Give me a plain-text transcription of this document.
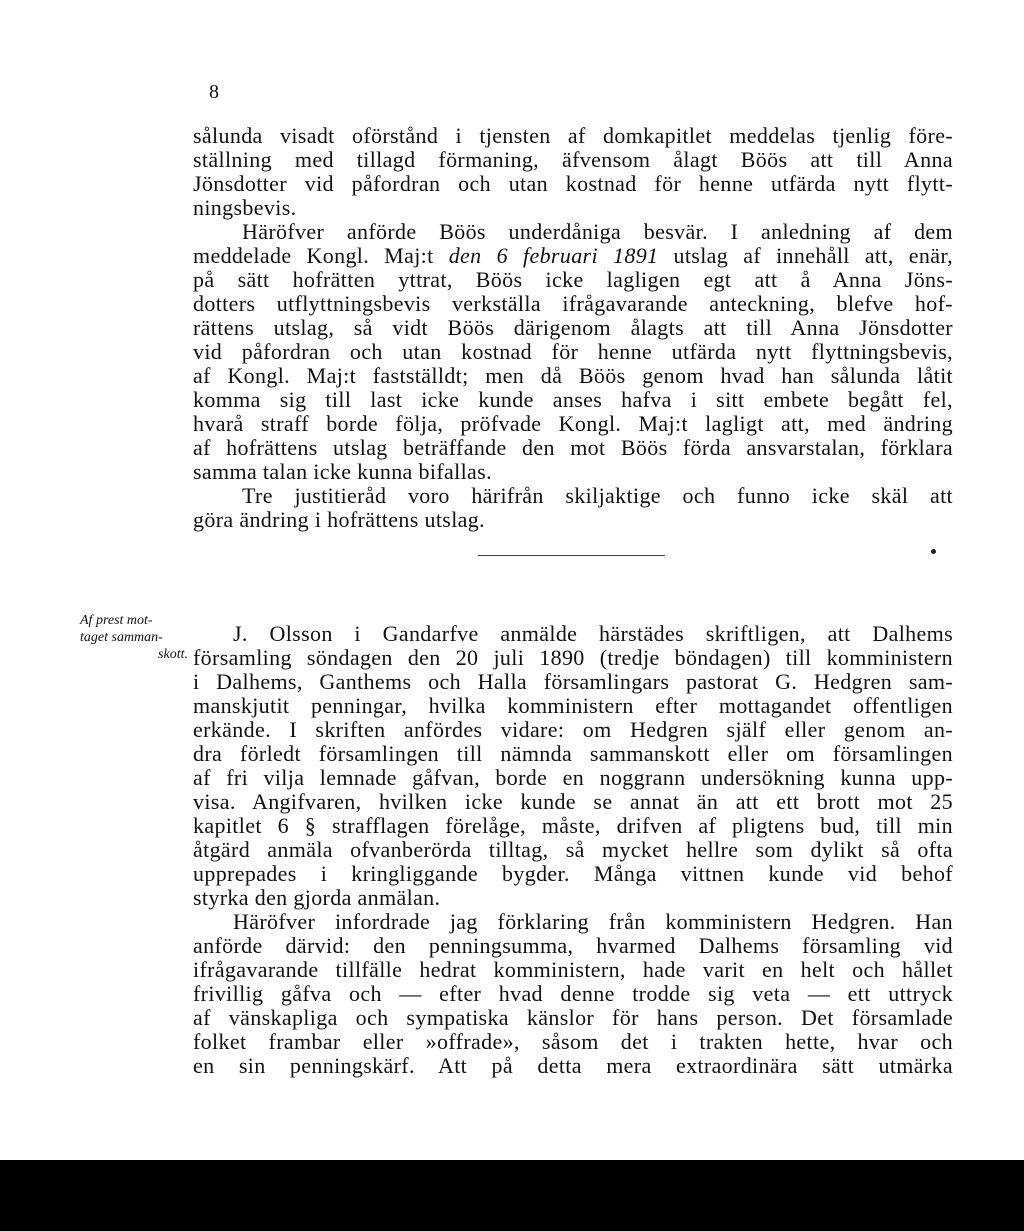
8

sålunda visadt oförstånd i tjensten af domkapitlet meddelas tjenlig före-

ställning med tillagd förmaning, äfvensom ålagt Böös att till Anna

Jönsdotter vid påfordran och utan kostnad för henne utfärda nytt flytt-

ningsbevis.

Häröfver anförde Böös underdåniga besvär. I anledning af dem

meddelade Kongl. Maj:t den 6 februari 1891 utslag af innehåll att, enär,

på sätt hofrätten yttrat, Böös icke lagligen egt att å Anna Jöns-

dotters utflyttningsbevis verkställa ifrågavarande anteckning, blefve hof-

rättens utslag, så vidt Böös därigenom ålagts att till Anna Jönsdotter

vid påfordran och utan kostnad för henne utfärda nytt flyttningsbevis,

af Kongl. Maj:t fastställdt; men då Böös genom hvad han sålunda låtit

komma sig till last icke kunde anses hafva i sitt embete begått fel,

hvarå straff borde följa, pröfvade Kongl. Maj:t lagligt att, med ändring

af hofrättens utslag beträffande den mot Böös förda ansvarstalan, förklara

samma talan icke kunna bifallas.

Tre justitieråd voro härifrån skiljaktige och funno icke skäl att

göra ändring i hofrättens utslag.

Af prest mot-
taget samman-
skott.

J. Olsson i Gandarfve anmälde härstädes skriftligen, att Dalhems

församling söndagen den 20 juli 1890 (tredje böndagen) till komministern

i Dalhems, Ganthems och Halla församlingars pastorat G. Hedgren sam-

manskjutit penningar, hvilka komministern efter mottagandet offentligen

erkände. I skriften anfördes vidare: om Hedgren själf eller genom an-

dra förledt församlingen till nämnda sammanskott eller om församlingen

af fri vilja lemnade gåfvan, borde en noggrann undersökning kunna upp-

visa. Angifvaren, hvilken icke kunde se annat än att ett brott mot 25

kapitlet 6 § strafflagen förelåge, måste, drifven af pligtens bud, till min

åtgärd anmäla ofvanberörda tilltag, så mycket hellre som dylikt så ofta

upprepades i kringliggande bygder. Många vittnen kunde vid behof

styrka den gjorda anmälan.

Häröfver infordrade jag förklaring från komministern Hedgren. Han

anförde därvid: den penningsumma, hvarmed Dalhems församling vid

ifrågavarande tillfälle hedrat komministern, hade varit en helt och hållet

frivillig gåfva och — efter hvad denne trodde sig veta — ett uttryck

af vänskapliga och sympatiska känslor för hans person. Det församlade

folket frambar eller »offrade», såsom det i trakten hette, hvar och

en sin penningskärf. Att på detta mera extraordinära sätt utmärka
